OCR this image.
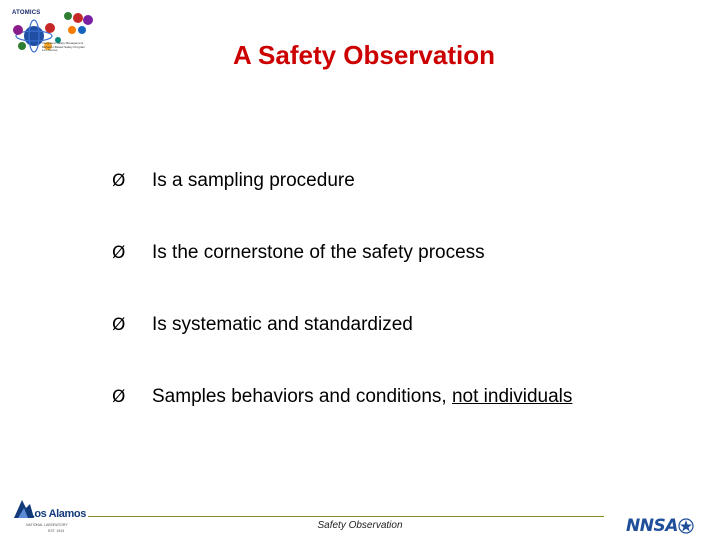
ATOMICS
Integrated Safety Management
Behavior-Based Safety Program
Los Alamos	A Safety Observation
Ø	Is a sampling procedure
Ø	Is the cornerstone of the safety process
Ø	Is systematic and standardized
Ø	Samples behaviors and conditions, not individuals
Safety Observation
Los Alamos
NATIONAL LABORATORY
EST. 1943	NNSA
